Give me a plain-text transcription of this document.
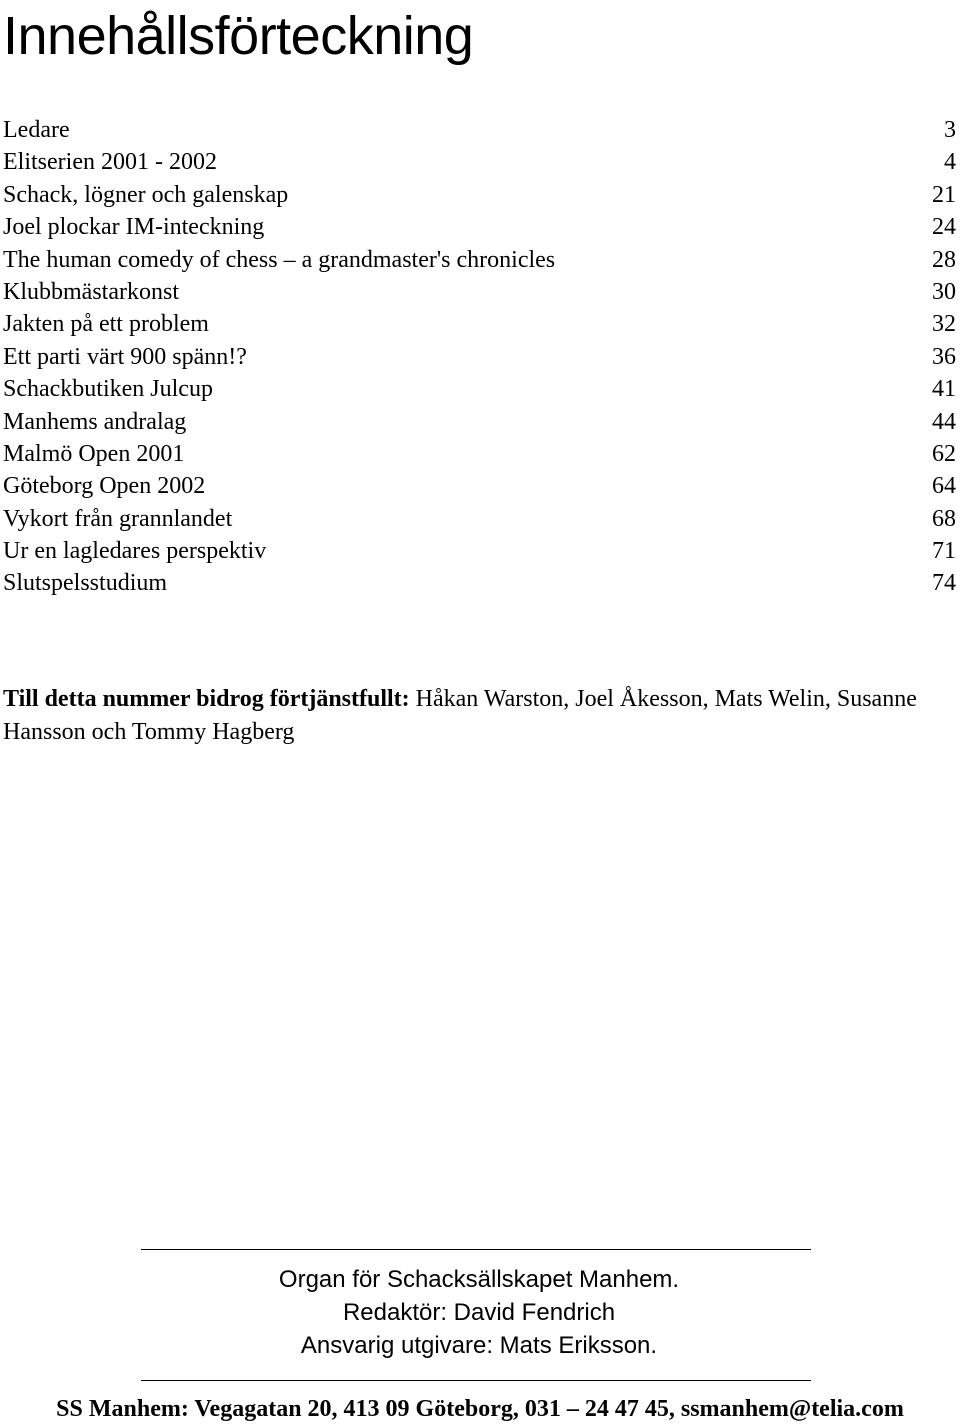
Innehållsförteckning
Ledare	3
Elitserien 2001 - 2002	4
Schack, lögner och galenskap	21
Joel plockar IM-inteckning	24
The human comedy of chess – a grandmaster's chronicles	28
Klubbmästarkonst	30
Jakten på ett problem	32
Ett parti värt 900 spänn!?	36
Schackbutiken Julcup	41
Manhems andralag	44
Malmö Open 2001	62
Göteborg Open 2002	64
Vykort från grannlandet	68
Ur en lagledares perspektiv	71
Slutspelsstudium	74

Till detta nummer bidrog förtjänstfullt: Håkan Warston, Joel Åkesson, Mats Welin, Susanne Hansson och Tommy Hagberg

Organ för Schacksällskapet Manhem.
Redaktör: David Fendrich
Ansvarig utgivare: Mats Eriksson.
SS Manhem: Vegagatan 20, 413 09 Göteborg, 031 – 24 47 45, ssmanhem@telia.com
